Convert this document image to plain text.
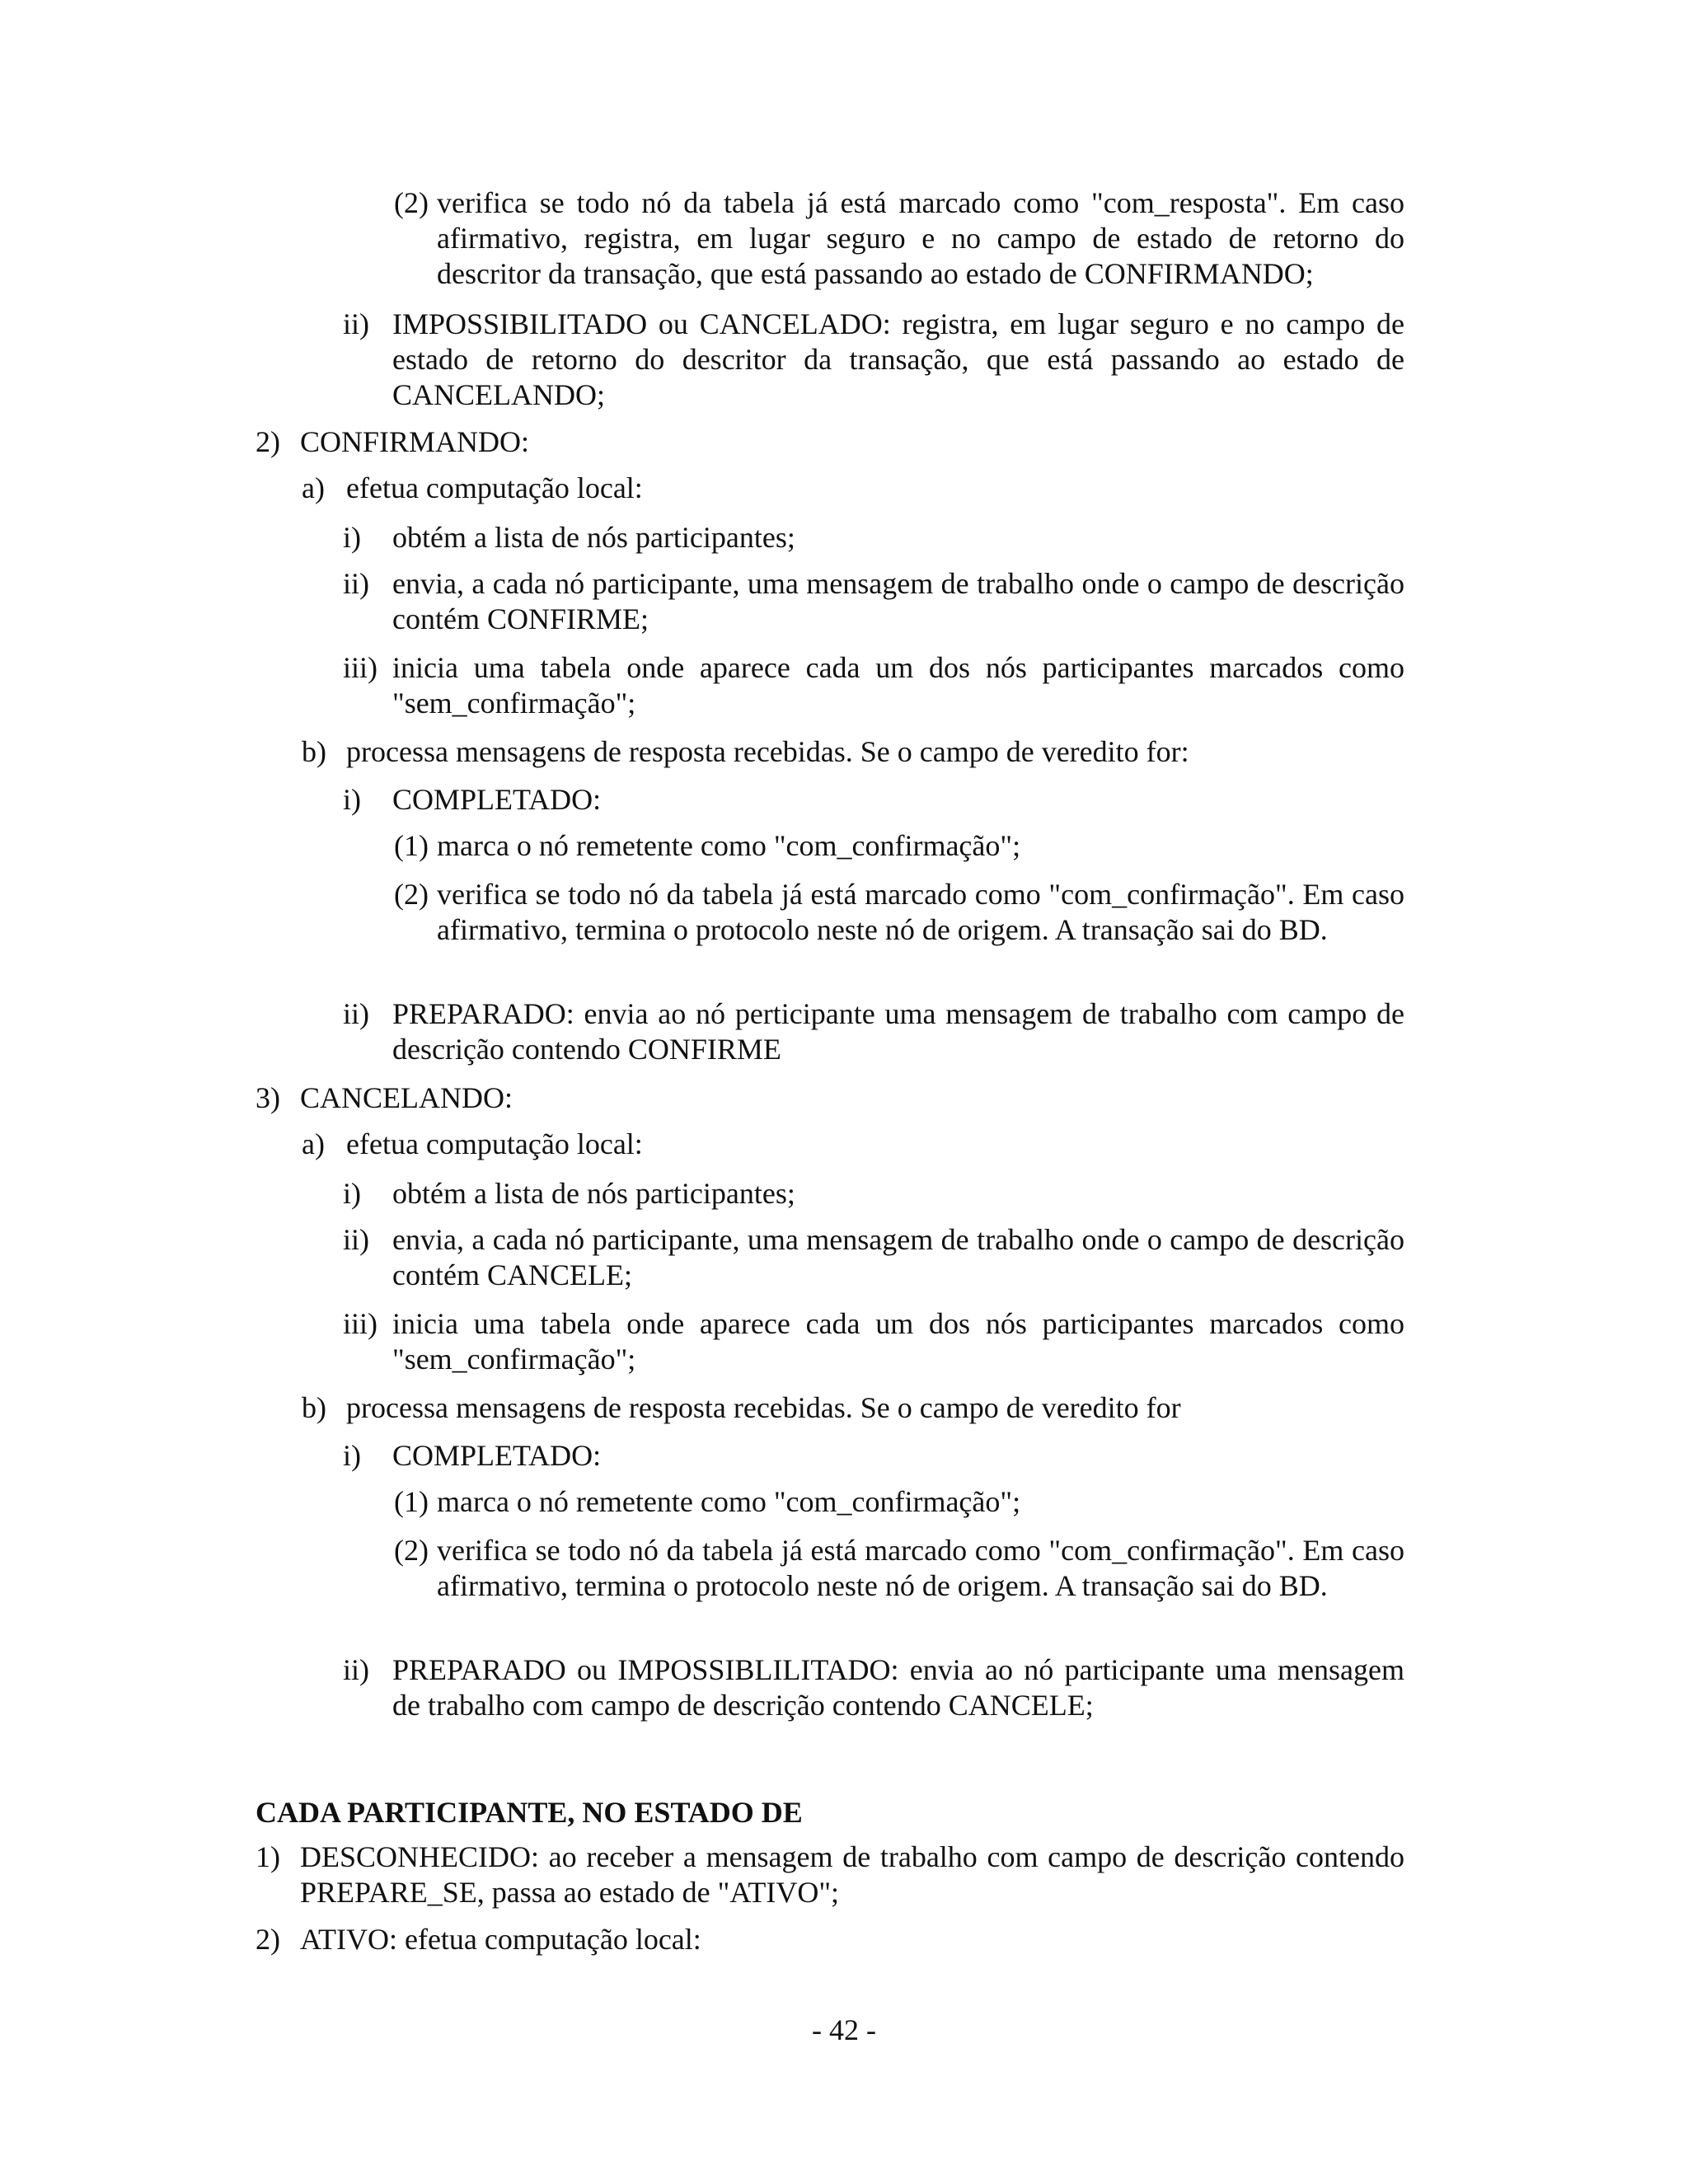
(2) verifica se todo nó da tabela já está marcado como "com_resposta". Em caso afirmativo, registra, em lugar seguro e no campo de estado de retorno do descritor da transação, que está passando ao estado de CONFIRMANDO;
ii) IMPOSSIBILITADO ou CANCELADO: registra, em lugar seguro e no campo de estado de retorno do descritor da transação, que está passando ao estado de CANCELANDO;
2) CONFIRMANDO:
a) efetua computação local:
i) obtém a lista de nós participantes;
ii) envia, a cada nó participante, uma mensagem de trabalho onde o campo de descrição contém CONFIRME;
iii) inicia uma tabela onde aparece cada um dos nós participantes marcados como "sem_confirmação";
b) processa mensagens de resposta recebidas. Se o campo de veredito for:
i) COMPLETADO:
(1) marca o nó remetente como "com_confirmação";
(2) verifica se todo nó da tabela já está marcado como "com_confirmação". Em caso afirmativo, termina o protocolo neste nó de origem. A transação sai do BD.
ii) PREPARADO: envia ao nó perticipante uma mensagem de trabalho com campo de descrição contendo CONFIRME
3) CANCELANDO:
a) efetua computação local:
i) obtém a lista de nós participantes;
ii) envia, a cada nó participante, uma mensagem de trabalho onde o campo de descrição contém CANCELE;
iii) inicia uma tabela onde aparece cada um dos nós participantes marcados como "sem_confirmação";
b) processa mensagens de resposta recebidas. Se o campo de veredito for
i) COMPLETADO:
(1) marca o nó remetente como "com_confirmação";
(2) verifica se todo nó da tabela já está marcado como "com_confirmação". Em caso afirmativo, termina o protocolo neste nó de origem. A transação sai do BD.
ii) PREPARADO ou IMPOSSIBLILITADO: envia ao nó participante uma mensagem de trabalho com campo de descrição contendo CANCELE;
CADA PARTICIPANTE, NO ESTADO DE
1) DESCONHECIDO: ao receber a mensagem de trabalho com campo de descrição contendo PREPARE_SE, passa ao estado de "ATIVO";
2) ATIVO: efetua computação local:
- 42 -
